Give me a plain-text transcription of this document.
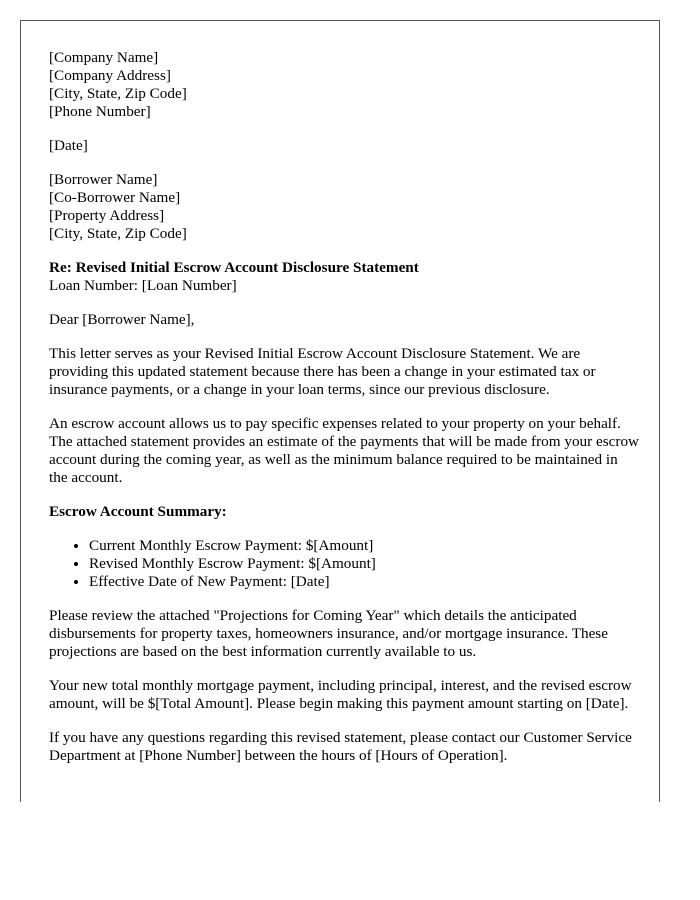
[Company Name]
[Company Address]
[City, State, Zip Code]
[Phone Number]
[Date]
[Borrower Name]
[Co-Borrower Name]
[Property Address]
[City, State, Zip Code]
Re: Revised Initial Escrow Account Disclosure Statement
Loan Number: [Loan Number]

Dear [Borrower Name],

This letter serves as your Revised Initial Escrow Account Disclosure Statement. We are providing this updated statement because there has been a change in your estimated tax or insurance payments, or a change in your loan terms, since our previous disclosure.

An escrow account allows us to pay specific expenses related to your property on your behalf. The attached statement provides an estimate of the payments that will be made from your escrow account during the coming year, as well as the minimum balance required to be maintained in the account.

Escrow Account Summary:

• Current Monthly Escrow Payment: $[Amount]
• Revised Monthly Escrow Payment: $[Amount]
• Effective Date of New Payment: [Date]

Please review the attached "Projections for Coming Year" which details the anticipated disbursements for property taxes, homeowners insurance, and/or mortgage insurance. These projections are based on the best information currently available to us.

Your new total monthly mortgage payment, including principal, interest, and the revised escrow amount, will be $[Total Amount]. Please begin making this payment amount starting on [Date].

If you have any questions regarding this revised statement, please contact our Customer Service Department at [Phone Number] between the hours of [Hours of Operation].
